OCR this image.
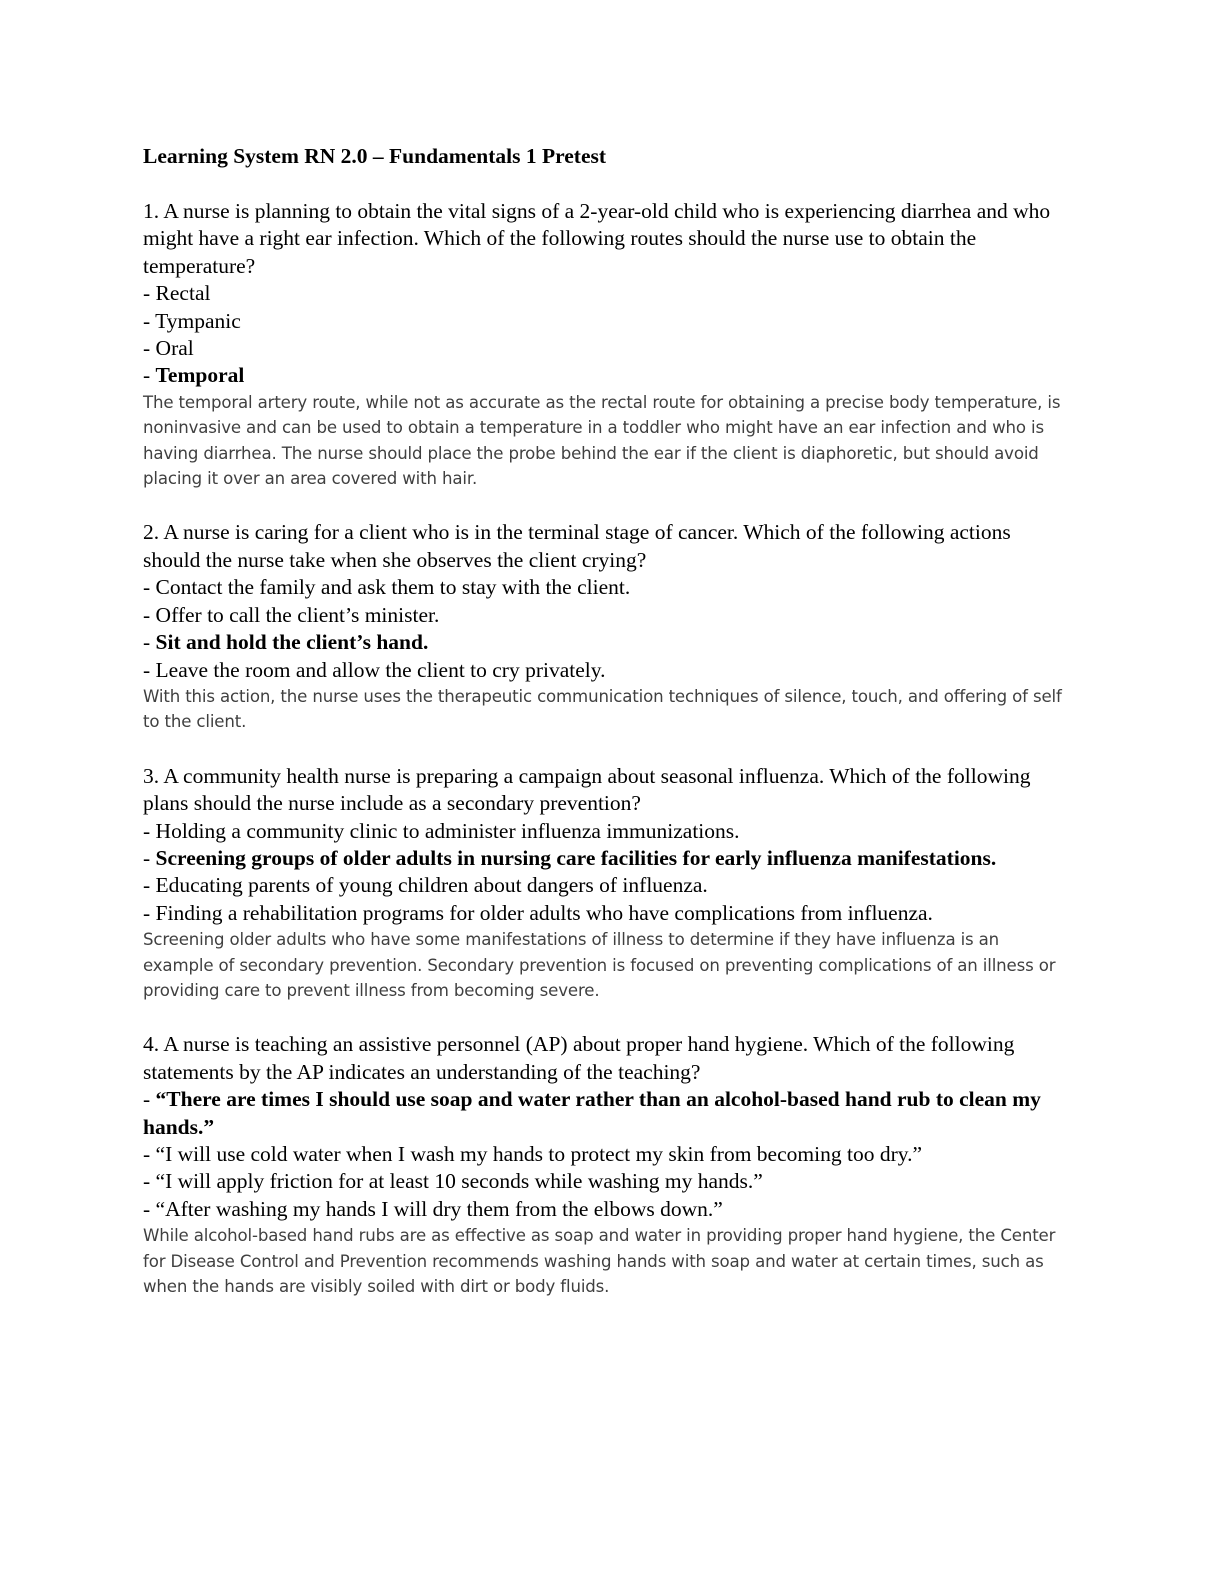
Learning System RN 2.0 – Fundamentals 1 Pretest
1. A nurse is planning to obtain the vital signs of a 2-year-old child who is experiencing diarrhea and who might have a right ear infection. Which of the following routes should the nurse use to obtain the temperature?
- Rectal
- Tympanic
- Oral
- Temporal
The temporal artery route, while not as accurate as the rectal route for obtaining a precise body temperature, is noninvasive and can be used to obtain a temperature in a toddler who might have an ear infection and who is having diarrhea. The nurse should place the probe behind the ear if the client is diaphoretic, but should avoid placing it over an area covered with hair.
2. A nurse is caring for a client who is in the terminal stage of cancer. Which of the following actions should the nurse take when she observes the client crying?
- Contact the family and ask them to stay with the client.
- Offer to call the client’s minister.
- Sit and hold the client’s hand.
- Leave the room and allow the client to cry privately.
With this action, the nurse uses the therapeutic communication techniques of silence, touch, and offering of self to the client.
3. A community health nurse is preparing a campaign about seasonal influenza. Which of the following plans should the nurse include as a secondary prevention?
- Holding a community clinic to administer influenza immunizations.
- Screening groups of older adults in nursing care facilities for early influenza manifestations.
- Educating parents of young children about dangers of influenza.
- Finding a rehabilitation programs for older adults who have complications from influenza.
Screening older adults who have some manifestations of illness to determine if they have influenza is an example of secondary prevention. Secondary prevention is focused on preventing complications of an illness or providing care to prevent illness from becoming severe.
4. A nurse is teaching an assistive personnel (AP) about proper hand hygiene. Which of the following statements by the AP indicates an understanding of the teaching?
- “There are times I should use soap and water rather than an alcohol-based hand rub to clean my hands.”
- “I will use cold water when I wash my hands to protect my skin from becoming too dry.”
- “I will apply friction for at least 10 seconds while washing my hands.”
- “After washing my hands I will dry them from the elbows down.”
While alcohol-based hand rubs are as effective as soap and water in providing proper hand hygiene, the Center for Disease Control and Prevention recommends washing hands with soap and water at certain times, such as when the hands are visibly soiled with dirt or body fluids.
